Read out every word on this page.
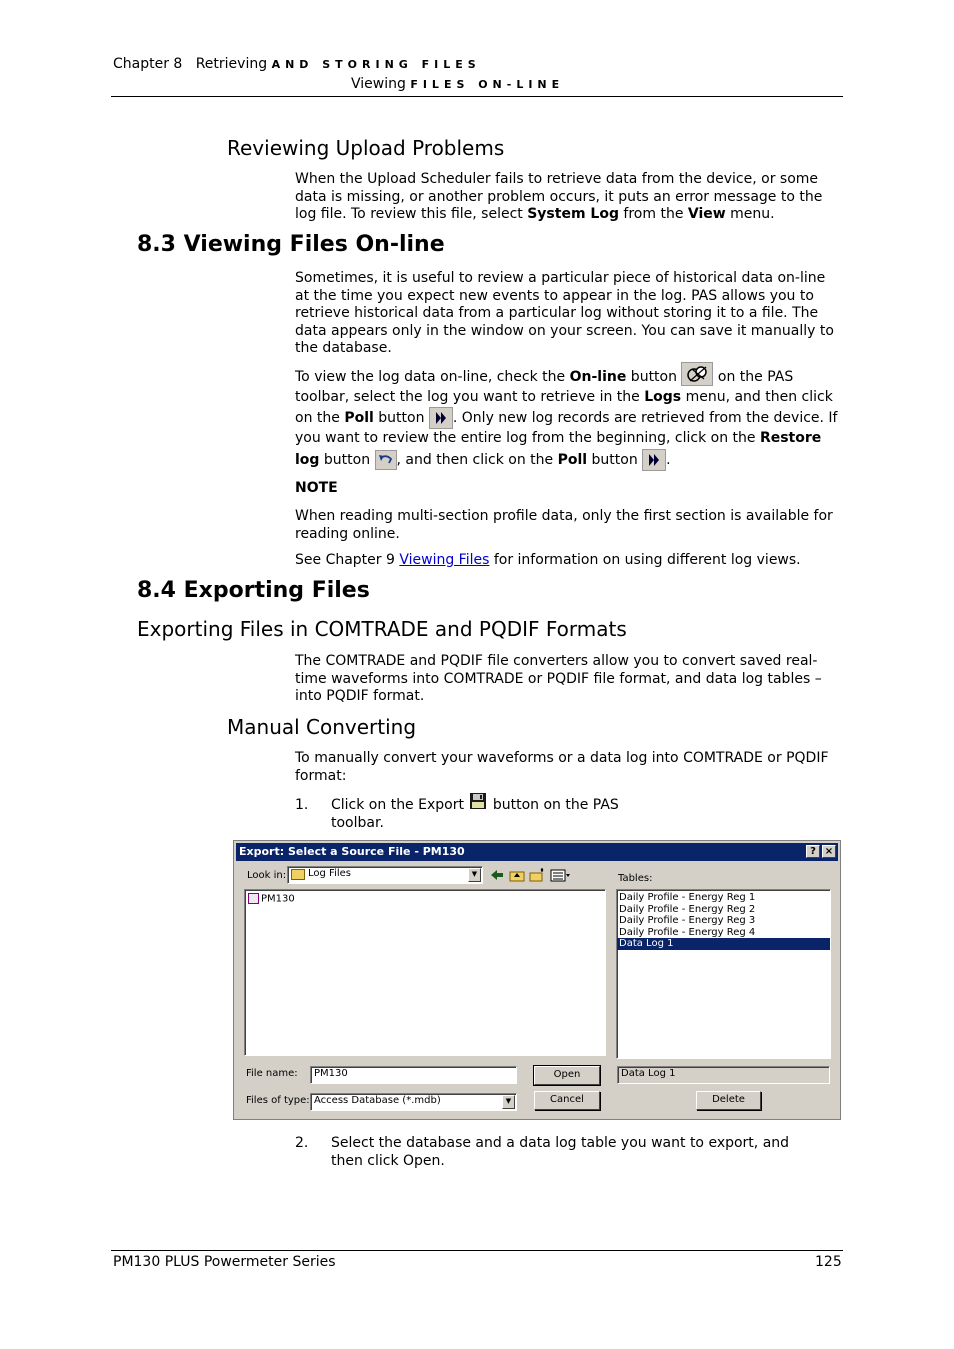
Chapter 8 Retrieving AND STORING FILES
Viewing FILES ON-LINE
Reviewing Upload Problems
When the Upload Scheduler fails to retrieve data from the device, or some data is missing, or another problem occurs, it puts an error message to the log file. To review this file, select System Log from the View menu.
8.3 Viewing Files On-line
Sometimes, it is useful to review a particular piece of historical data on-line at the time you expect new events to appear in the log. PAS allows you to retrieve historical data from a particular log without storing it to a file. The data appears only in the window on your screen. You can save it manually to the database.
To view the log data on-line, check the On-line button
on the PAS toolbar, select the log you want to retrieve in the Logs menu, and then click on the Poll button
. Only new log records are retrieved from the device. If you want to review the entire log from the beginning, click on the Restore log button
, and then click on the Poll button
.
NOTE
When reading multi-section profile data, only the first section is available for reading online.
See Chapter 9 Viewing Files for information on using different log views.
8.4 Exporting Files
Exporting Files in COMTRADE and PQDIF Formats
The COMTRADE and PQDIF file converters allow you to convert saved real-time waveforms into COMTRADE or PQDIF file format, and data log tables – into PQDIF format.
Manual Converting
To manually convert your waveforms or a data log into COMTRADE or PQDIF format:
1. Click on the Export
button on the PAS toolbar.
Export: Select a Source File - PM130	? ×
Look in:	Log Files	▼	Tables:
PM130	Daily Profile - Energy Reg 1
Daily Profile - Energy Reg 2
Daily Profile - Energy Reg 3
Daily Profile - Energy Reg 4
Data Log 1
File name:	PM130	Open
Files of type: Access Database (*.mdb)	▼	Cancel
Data Log 1
Delete
2. Select the database and a data log table you want to export, and then click Open.
PM130 PLUS Powermeter Series	125
